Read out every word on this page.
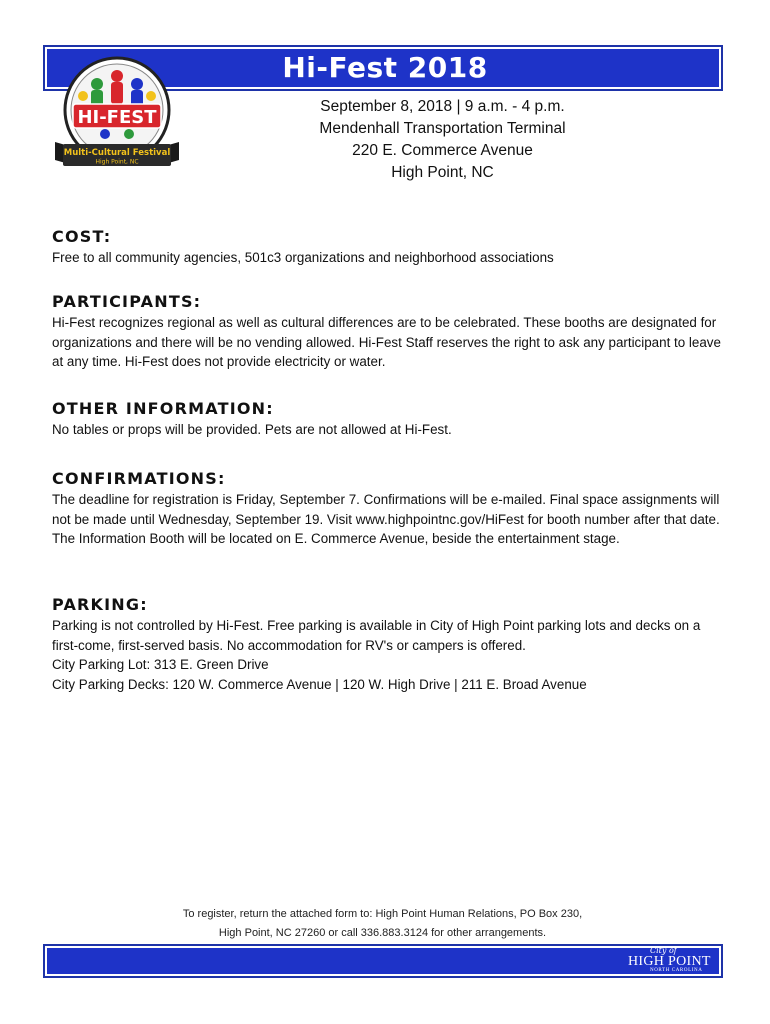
Hi-Fest 2018
HI-FEST
Multi-Cultural Festival
High Point, NC
September 8, 2018 | 9 a.m. - 4 p.m.
Mendenhall Transportation Terminal
220 E. Commerce Avenue
High Point, NC
COST:

Free to all community agencies, 501c3 organizations and neighborhood associations

PARTICIPANTS:

Hi-Fest recognizes regional as well as cultural differences are to be celebrated. These booths are designated for organizations and there will be no vending allowed. Hi-Fest Staff reserves the right to ask any participant to leave at any time. Hi-Fest does not provide electricity or water.

OTHER INFORMATION:

No tables or props will be provided. Pets are not allowed at Hi-Fest.

CONFIRMATIONS:

The deadline for registration is Friday, September 7. Confirmations will be e-mailed. Final space assignments will not be made until Wednesday, September 19. Visit www.highpointnc.gov/HiFest for booth number after that date. The Information Booth will be located on E. Commerce Avenue, beside the entertainment stage.

PARKING:

Parking is not controlled by Hi-Fest. Free parking is available in City of High Point parking lots and decks on a first-come, first-served basis. No accommodation for RV's or campers is offered.

City Parking Lot: 313 E. Green Drive

City Parking Decks: 120 W. Commerce Avenue | 120 W. High Drive | 211 E. Broad Avenue

To register, return the attached form to: High Point Human Relations, PO Box 230,
High Point, NC 27260 or call 336.883.3124 for other arrangements.
City of
HIGH POINT
NORTH CAROLINA
